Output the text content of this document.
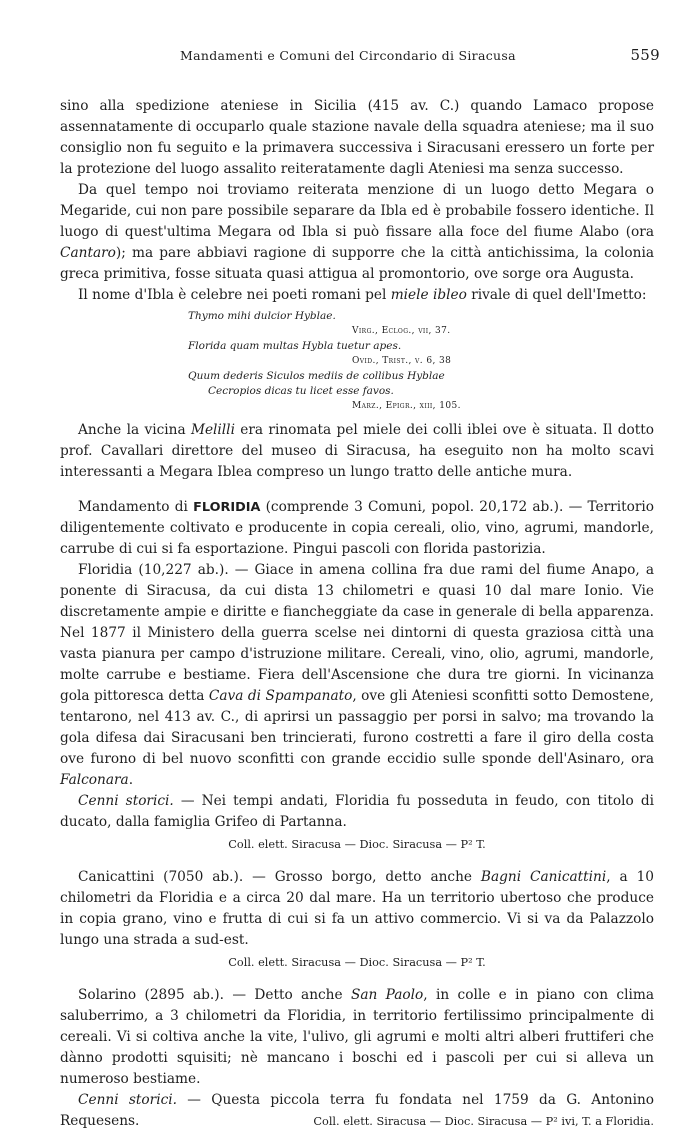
Mandamenti e Comuni del Circondario di Siracusa	559

sino alla spedizione ateniese in Sicilia (415 av. C.) quando Lamaco propose assennatamente di occuparlo quale stazione navale della squadra ateniese; ma il suo consiglio non fu seguito e la primavera successiva i Siracusani eressero un forte per la protezione del luogo assalito reiteratamente dagli Ateniesi ma senza successo.

Da quel tempo noi troviamo reiterata menzione di un luogo detto Megara o Megaride, cui non pare possibile separare da Ibla ed è probabile fossero identiche. Il luogo di quest'ultima Megara od Ibla si può fissare alla foce del fiume Alabo (ora Cantaro); ma pare abbiavi ragione di supporre che la città antichissima, la colonia greca primitiva, fosse situata quasi attigua al promontorio, ove sorge ora Augusta.

Il nome d'Ibla è celebre nei poeti romani pel miele ibleo rivale di quel dell'Imetto:

Thymo mihi dulcior Hyblae.
Virg., Eclog., vii, 37.
Florida quam multas Hybla tuetur apes.
Ovid., Trist., v. 6, 38
Quum dederis Siculos mediis de collibus Hyblae
Cecropios dicas tu licet esse favos.
Marz., Epigr., xiii, 105.

Anche la vicina Melilli era rinomata pel miele dei colli iblei ove è situata. Il dotto prof. Cavallari direttore del museo di Siracusa, ha eseguito non ha molto scavi interessanti a Megara Iblea compreso un lungo tratto delle antiche mura.

Mandamento di FLORIDIA (comprende 3 Comuni, popol. 20,172 ab.). — Territorio diligentemente coltivato e producente in copia cereali, olio, vino, agrumi, mandorle, carrube di cui si fa esportazione. Pingui pascoli con florida pastorizia.

Floridia (10,227 ab.). — Giace in amena collina fra due rami del fiume Anapo, a ponente di Siracusa, da cui dista 13 chilometri e quasi 10 dal mare Ionio. Vie discretamente ampie e diritte e fiancheggiate da case in generale di bella apparenza. Nel 1877 il Ministero della guerra scelse nei dintorni di questa graziosa città una vasta pianura per campo d'istruzione militare. Cereali, vino, olio, agrumi, mandorle, molte carrube e bestiame. Fiera dell'Ascensione che dura tre giorni. In vicinanza gola pittoresca detta Cava di Spampanato, ove gli Ateniesi sconfitti sotto Demostene, tentarono, nel 413 av. C., di aprirsi un passaggio per porsi in salvo; ma trovando la gola difesa dai Siracusani ben trincierati, furono costretti a fare il giro della costa ove furono di bel nuovo sconfitti con grande eccidio sulle sponde dell'Asinaro, ora Falconara.

Cenni storici. — Nei tempi andati, Floridia fu posseduta in feudo, con titolo di ducato, dalla famiglia Grifeo di Partanna.

Coll. elett. Siracusa — Dioc. Siracusa — P² T.

Canicattini (7050 ab.). — Grosso borgo, detto anche Bagni Canicattini, a 10 chilometri da Floridia e a circa 20 dal mare. Ha un territorio ubertoso che produce in copia grano, vino e frutta di cui si fa un attivo commercio. Vi si va da Palazzolo lungo una strada a sud-est.

Coll. elett. Siracusa — Dioc. Siracusa — P² T.

Solarino (2895 ab.). — Detto anche San Paolo, in colle e in piano con clima saluberrimo, a 3 chilometri da Floridia, in territorio fertilissimo principalmente di cereali. Vi si coltiva anche la vite, l'ulivo, gli agrumi e molti altri alberi fruttiferi che dànno prodotti squisiti; nè mancano i boschi ed i pascoli per cui si alleva un numeroso bestiame.

Cenni storici. — Questa piccola terra fu fondata nel 1759 da G. Antonino Requesens.	Coll. elett. Siracusa — Dioc. Siracusa — P² ivi, T. a Floridia.
